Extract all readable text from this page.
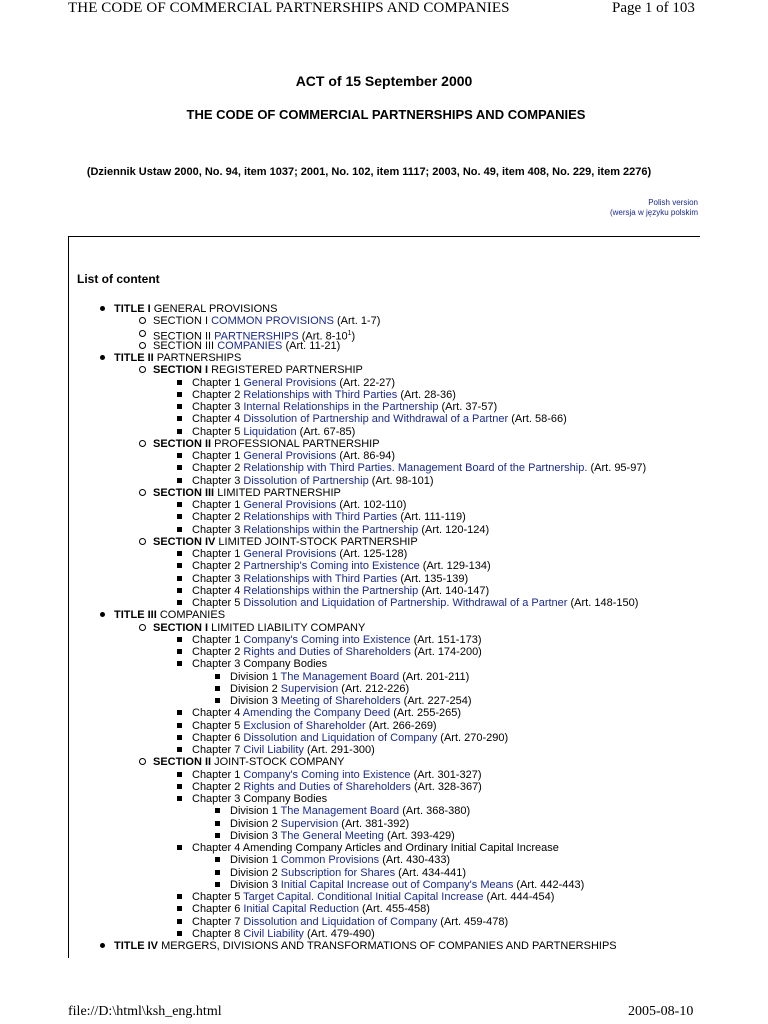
THE CODE OF COMMERCIAL PARTNERSHIPS AND COMPANIES	Page 1 of 103
ACT of 15 September 2000
THE CODE OF COMMERCIAL PARTNERSHIPS AND COMPANIES
(Dziennik Ustaw 2000, No. 94, item 1037; 2001, No. 102, item 1117; 2003, No. 49, item 408, No. 229, item 2276)
Polish version
(wersja w języku polskim
List of content
TITLE I GENERAL PROVISIONS
SECTION I COMMON PROVISIONS (Art. 1-7)
SECTION II PARTNERSHIPS (Art. $8-10^1$)
SECTION III COMPANIES (Art. 11-21)
TITLE II PARTNERSHIPS
SECTION I REGISTERED PARTNERSHIP
Chapter 1 General Provisions (Art. 22-27)
Chapter 2 Relationships with Third Parties (Art. 28-36)
Chapter 3 Internal Relationships in the Partnership (Art. 37-57)
Chapter 4 Dissolution of Partnership and Withdrawal of a Partner (Art. 58-66)
Chapter 5 Liquidation (Art. 67-85)
SECTION II PROFESSIONAL PARTNERSHIP
Chapter 1 General Provisions (Art. 86-94)
Chapter 2 Relationship with Third Parties. Management Board of the Partnership. (Art. 95-97)
Chapter 3 Dissolution of Partnership (Art. 98-101)
SECTION III LIMITED PARTNERSHIP
Chapter 1 General Provisions (Art. 102-110)
Chapter 2 Relationships with Third Parties (Art. 111-119)
Chapter 3 Relationships within the Partnership (Art. 120-124)
SECTION IV LIMITED JOINT-STOCK PARTNERSHIP
Chapter 1 General Provisions (Art. 125-128)
Chapter 2 Partnership's Coming into Existence (Art. 129-134)
Chapter 3 Relationships with Third Parties (Art. 135-139)
Chapter 4 Relationships within the Partnership (Art. 140-147)
Chapter 5 Dissolution and Liquidation of Partnership. Withdrawal of a Partner (Art. 148-150)
TITLE III COMPANIES
SECTION I LIMITED LIABILITY COMPANY
Chapter 1 Company's Coming into Existence (Art. 151-173)
Chapter 2 Rights and Duties of Shareholders (Art. 174-200)
Chapter 3 Company Bodies
Division 1 The Management Board (Art. 201-211)
Division 2 Supervision (Art. 212-226)
Division 3 Meeting of Shareholders (Art. 227-254)
Chapter 4 Amending the Company Deed (Art. 255-265)
Chapter 5 Exclusion of Shareholder (Art. 266-269)
Chapter 6 Dissolution and Liquidation of Company (Art. 270-290)
Chapter 7 Civil Liability (Art. 291-300)
SECTION II JOINT-STOCK COMPANY
Chapter 1 Company's Coming into Existence (Art. 301-327)
Chapter 2 Rights and Duties of Shareholders (Art. 328-367)
Chapter 3 Company Bodies
Division 1 The Management Board (Art. 368-380)
Division 2 Supervision (Art. 381-392)
Division 3 The General Meeting (Art. 393-429)
Chapter 4 Amending Company Articles and Ordinary Initial Capital Increase
Division 1 Common Provisions (Art. 430-433)
Division 2 Subscription for Shares (Art. 434-441)
Division 3 Initial Capital Increase out of Company's Means (Art. 442-443)
Chapter 5 Target Capital. Conditional Initial Capital Increase (Art. 444-454)
Chapter 6 Initial Capital Reduction (Art. 455-458)
Chapter 7 Dissolution and Liquidation of Company (Art. 459-478)
Chapter 8 Civil Liability (Art. 479-490)
TITLE IV MERGERS, DIVISIONS AND TRANSFORMATIONS OF COMPANIES AND PARTNERSHIPS
file://D:\html\ksh_eng.html	2005-08-10
